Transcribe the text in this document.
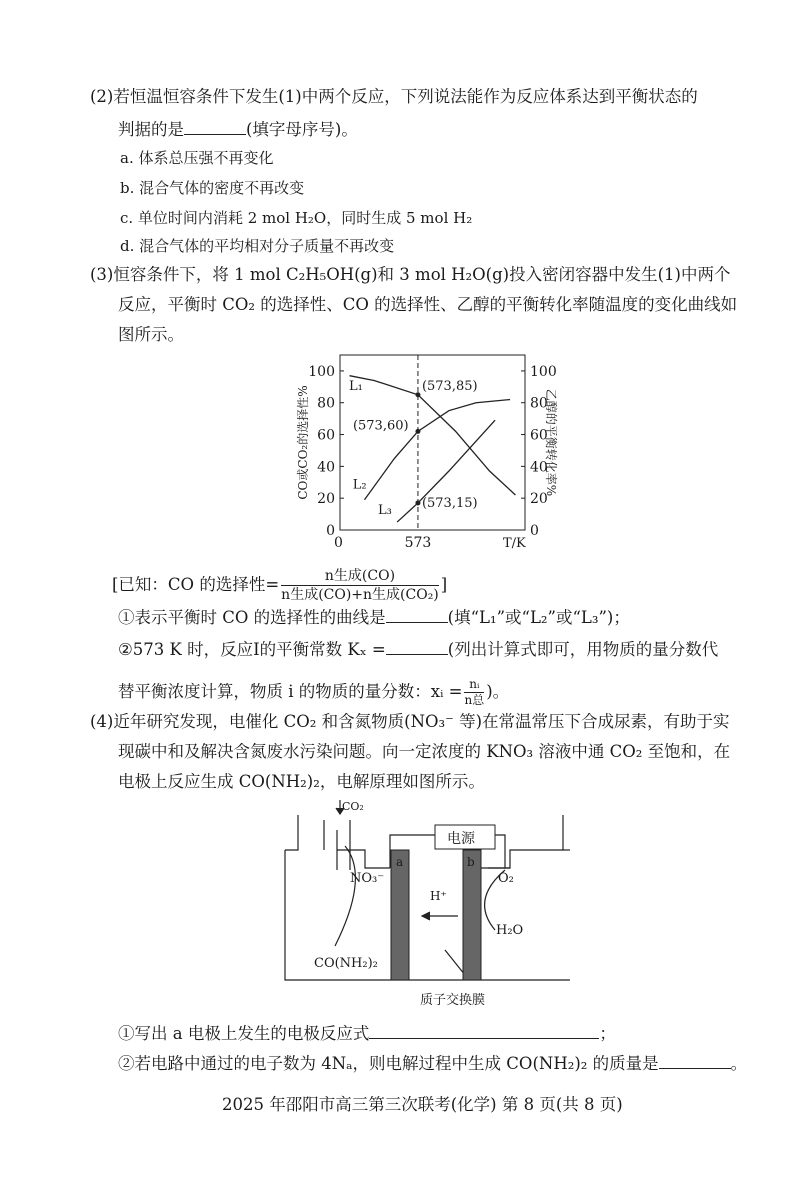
(2)若恒温恒容条件下发生(1)中两个反应，下列说法能作为反应体系达到平衡状态的
判据的是	(填字母序号)。
a. 体系总压强不再变化
b. 混合气体的密度不再改变
c. 单位时间内消耗 2 mol H₂O，同时生成 5 mol H₂
d. 混合气体的平均相对分子质量不再改变
(3)恒容条件下，将 1 mol C₂H₅OH(g)和 3 mol H₂O(g)投入密闭容器中发生(1)中两个
反应，平衡时 CO₂ 的选择性、CO 的选择性、乙醇的平衡转化率随温度的变化曲线如
图所示。
0	0
20	20
40	40
60	60
80	80
100	100
0	573	T/K
CO或CO₂的选择性%	乙醇的平衡转化率%
L₁
L₂
L₃
(573,85)
(573,60)
(573,15)
[已知：CO 的选择性=	n生成(CO)
n生成(CO)+n生成(CO₂)
]
①表示平衡时 CO 的选择性的曲线是	(填“L₁”或“L₂”或“L₃”)；
②573 K 时，反应Ⅰ的平衡常数 Kₓ =	(列出计算式即可，用物质的量分数代
替平衡浓度计算，物质 i 的物质的量分数：xᵢ = nᵢ
n总 )。
(4)近年研究发现，电催化 CO₂ 和含氮物质(NO₃⁻ 等)在常温常压下合成尿素，有助于实
现碳中和及解决含氮废水污染问题。向一定浓度的 KNO₃ 溶液中通 CO₂ 至饱和，在
电极上反应生成 CO(NH₂)₂，电解原理如图所示。
CO₂
电源
a	b
NO₃⁻
H⁺
O₂
H₂O
CO(NH₂)₂
质子交换膜
①写出 a 电极上发生的电极反应式	；
②若电路中通过的电子数为 4Nₐ，则电解过程中生成 CO(NH₂)₂ 的质量是	。
2025 年邵阳市高三第三次联考(化学) 第 8 页(共 8 页)
